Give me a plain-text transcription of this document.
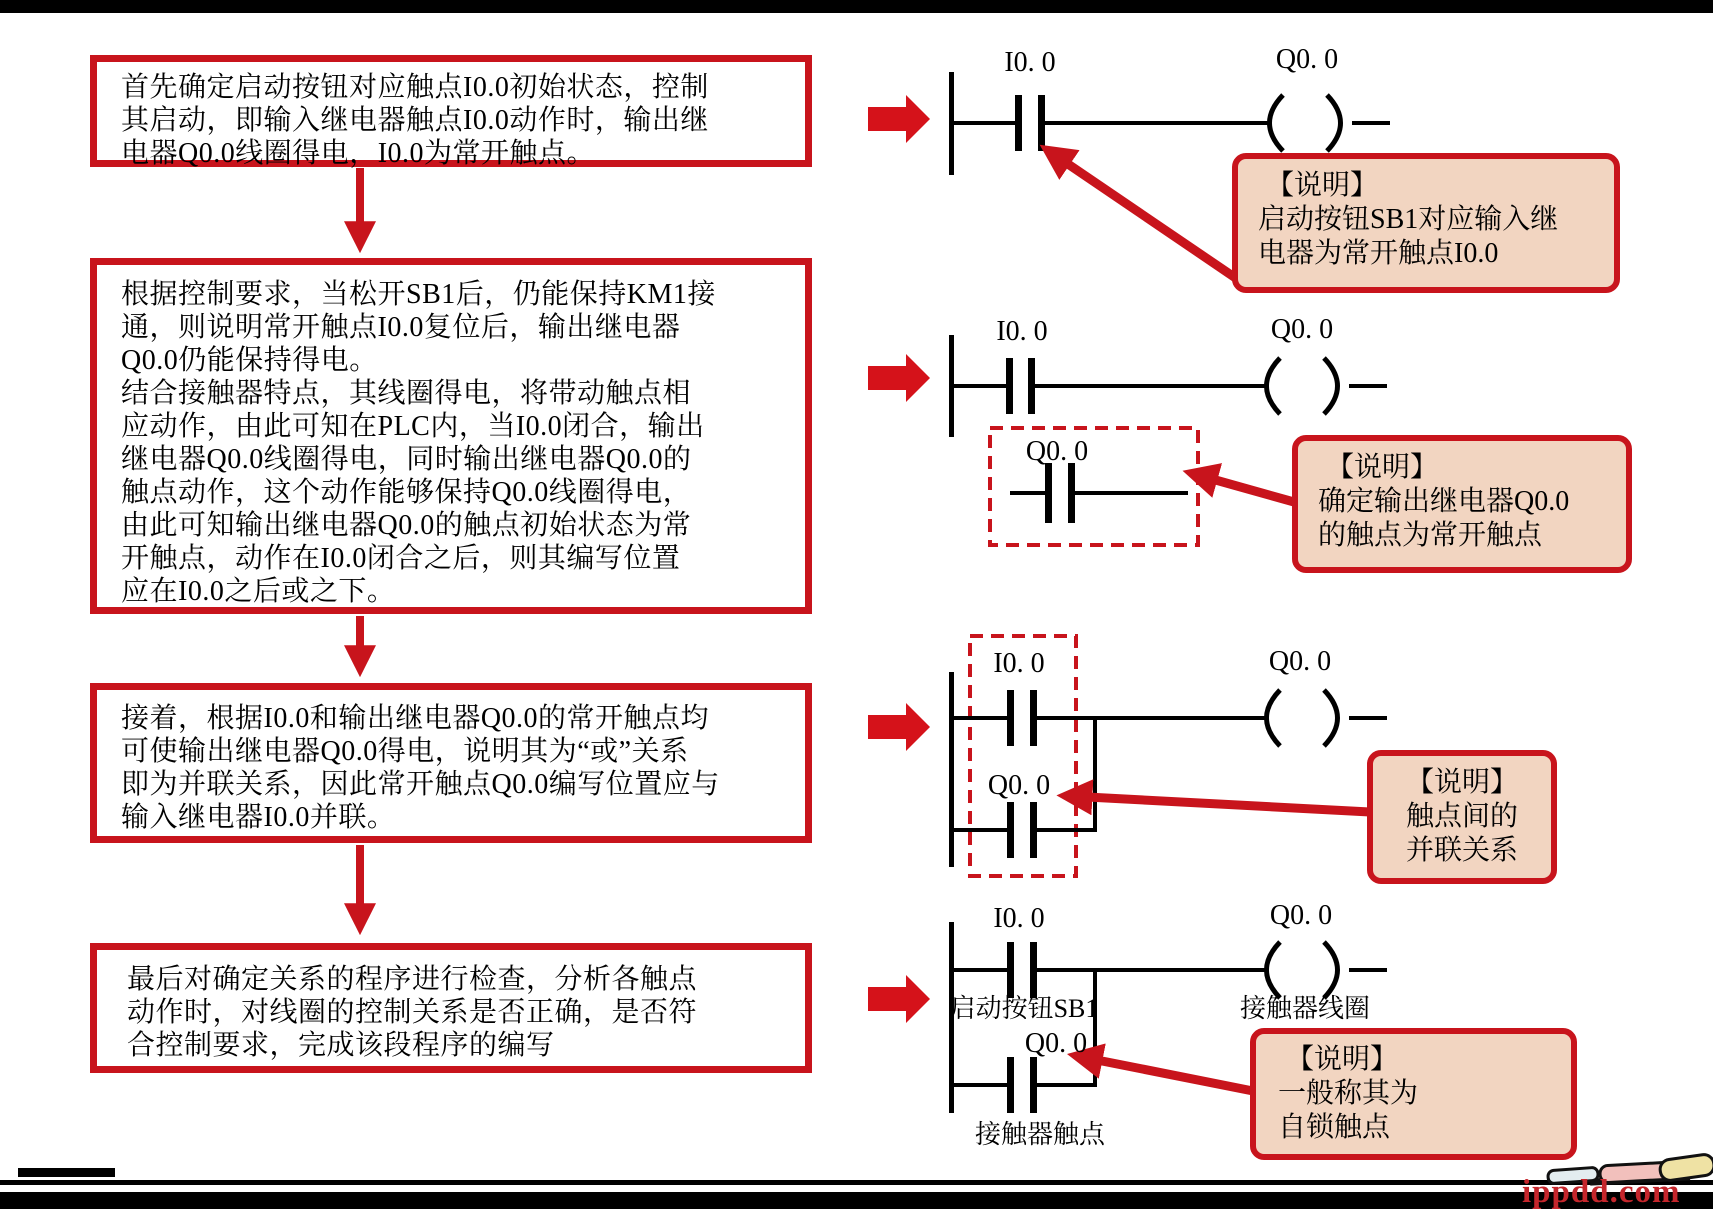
首先确定启动按钮对应触点I0.0初始状态，控制
其启动，即输入继电器触点I0.0动作时，输出继
电器Q0.0线圈得电，I0.0为常开触点。
根据控制要求，当松开SB1后，仍能保持KM1接
通，则说明常开触点I0.0复位后，输出继电器
Q0.0仍能保持得电。
结合接触器特点，其线圈得电，将带动触点相
应动作，由此可知在PLC内，当I0.0闭合，输出
继电器Q0.0线圈得电，同时输出继电器Q0.0的
触点动作，这个动作能够保持Q0.0线圈得电，
由此可知输出继电器Q0.0的触点初始状态为常
开触点，动作在I0.0闭合之后，则其编写位置
应在I0.0之后或之下。
接着，根据I0.0和输出继电器Q0.0的常开触点均
可使输出继电器Q0.0得电，说明其为“或”关系
即为并联关系，因此常开触点Q0.0编写位置应与
输入继电器I0.0并联。
最后对确定关系的程序进行检查，分析各触点
动作时，对线圈的控制关系是否正确，是否符
合控制要求，完成该段程序的编写
I0. 0	Q0. 0
I0. 0	Q0. 0
Q0. 0
I0. 0
Q0. 0
Q0. 0
I0. 0
启动按钮SB1
Q0. 0
接触器触点
Q0. 0
接触器线圈
【说明】
启动按钮SB1对应输入继
电器为常开触点I0.0
【说明】
确定输出继电器Q0.0
的触点为常开触点
【说明】
触点间的
并联关系
【说明】
一般称其为
自锁触点
ippdd.com
